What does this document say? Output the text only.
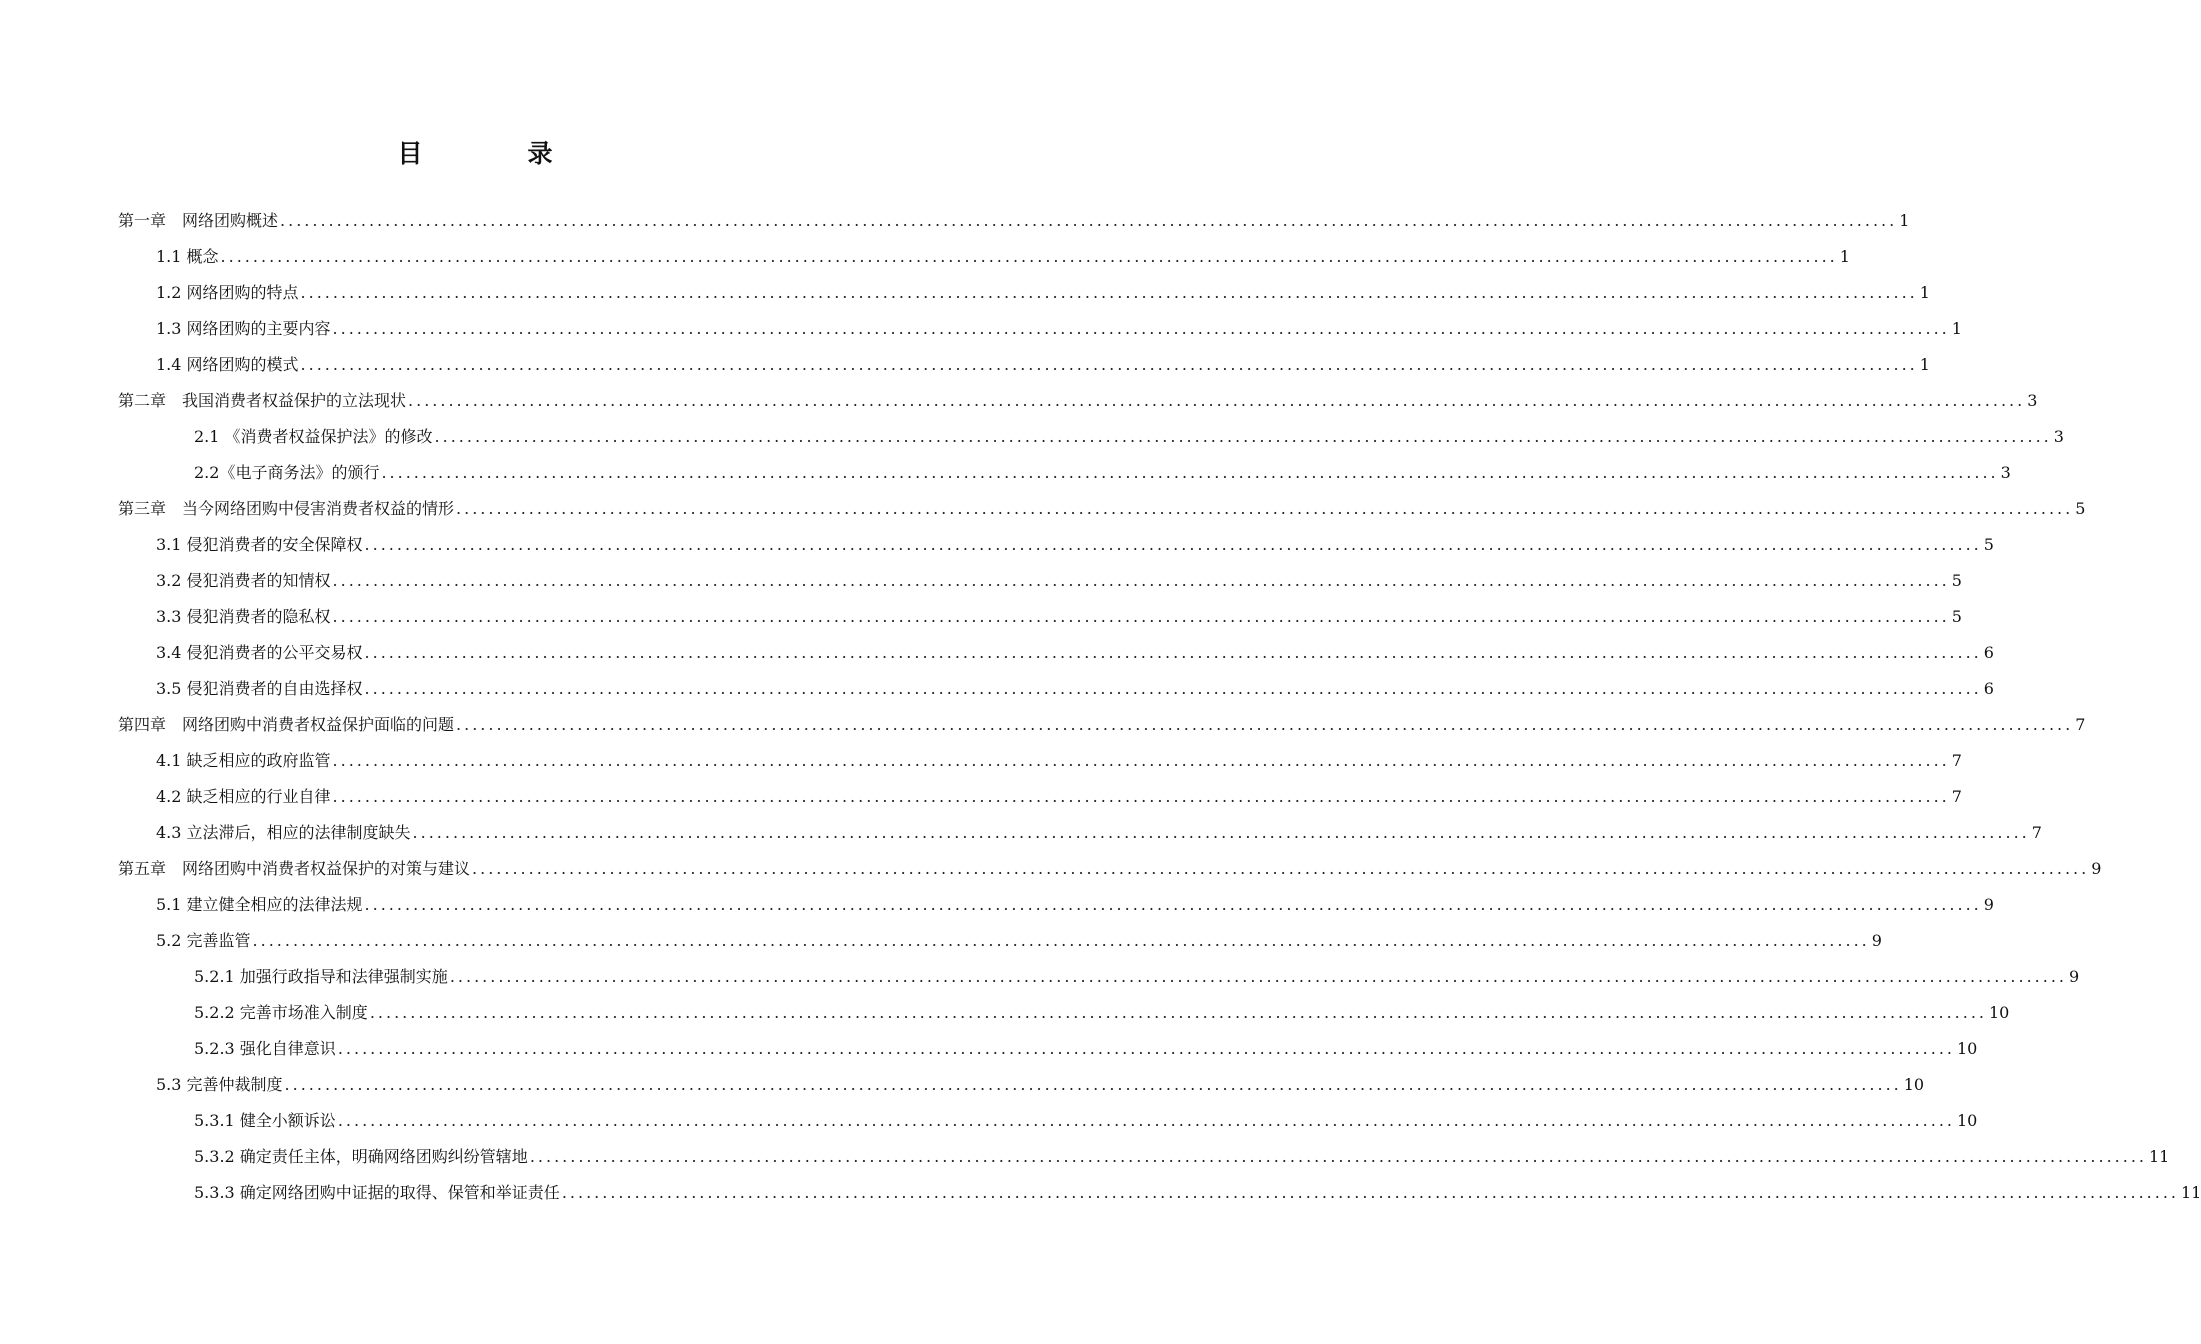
目　录
第一章　网络团购概述 ........................................................................................................................................................................................................ 1
1.1 概念 ........................................................................................................................................................................................................ 1
1.2 网络团购的特点 ........................................................................................................................................................................................................ 1
1.3 网络团购的主要内容 ........................................................................................................................................................................................................ 1
1.4 网络团购的模式 ........................................................................................................................................................................................................ 1
第二章　我国消费者权益保护的立法现状 ........................................................................................................................................................................................................ 3
2.1 《消费者权益保护法》的修改 ........................................................................................................................................................................................................ 3
2.2《电子商务法》的颁行 ........................................................................................................................................................................................................ 3
第三章　当今网络团购中侵害消费者权益的情形 ........................................................................................................................................................................................................ 5
3.1 侵犯消费者的安全保障权 ........................................................................................................................................................................................................ 5
3.2 侵犯消费者的知情权 ........................................................................................................................................................................................................ 5
3.3 侵犯消费者的隐私权 ........................................................................................................................................................................................................ 5
3.4 侵犯消费者的公平交易权 ........................................................................................................................................................................................................ 6
3.5 侵犯消费者的自由选择权 ........................................................................................................................................................................................................ 6
第四章　网络团购中消费者权益保护面临的问题 ........................................................................................................................................................................................................ 7
4.1 缺乏相应的政府监管 ........................................................................................................................................................................................................ 7
4.2 缺乏相应的行业自律 ........................................................................................................................................................................................................ 7
4.3 立法滞后，相应的法律制度缺失 ........................................................................................................................................................................................................ 7
第五章　网络团购中消费者权益保护的对策与建议 ........................................................................................................................................................................................................ 9
5.1 建立健全相应的法律法规 ........................................................................................................................................................................................................ 9
5.2 完善监管 ........................................................................................................................................................................................................ 9
5.2.1 加强行政指导和法律强制实施 ........................................................................................................................................................................................................ 9
5.2.2 完善市场准入制度 ........................................................................................................................................................................................................ 10
5.2.3 强化自律意识 ........................................................................................................................................................................................................ 10
5.3 完善仲裁制度 ........................................................................................................................................................................................................ 10
5.3.1 健全小额诉讼 ........................................................................................................................................................................................................ 10
5.3.2 确定责任主体，明确网络团购纠纷管辖地 ........................................................................................................................................................................................................ 11
5.3.3 确定网络团购中证据的取得、保管和举证责任 ........................................................................................................................................................................................................ 11
